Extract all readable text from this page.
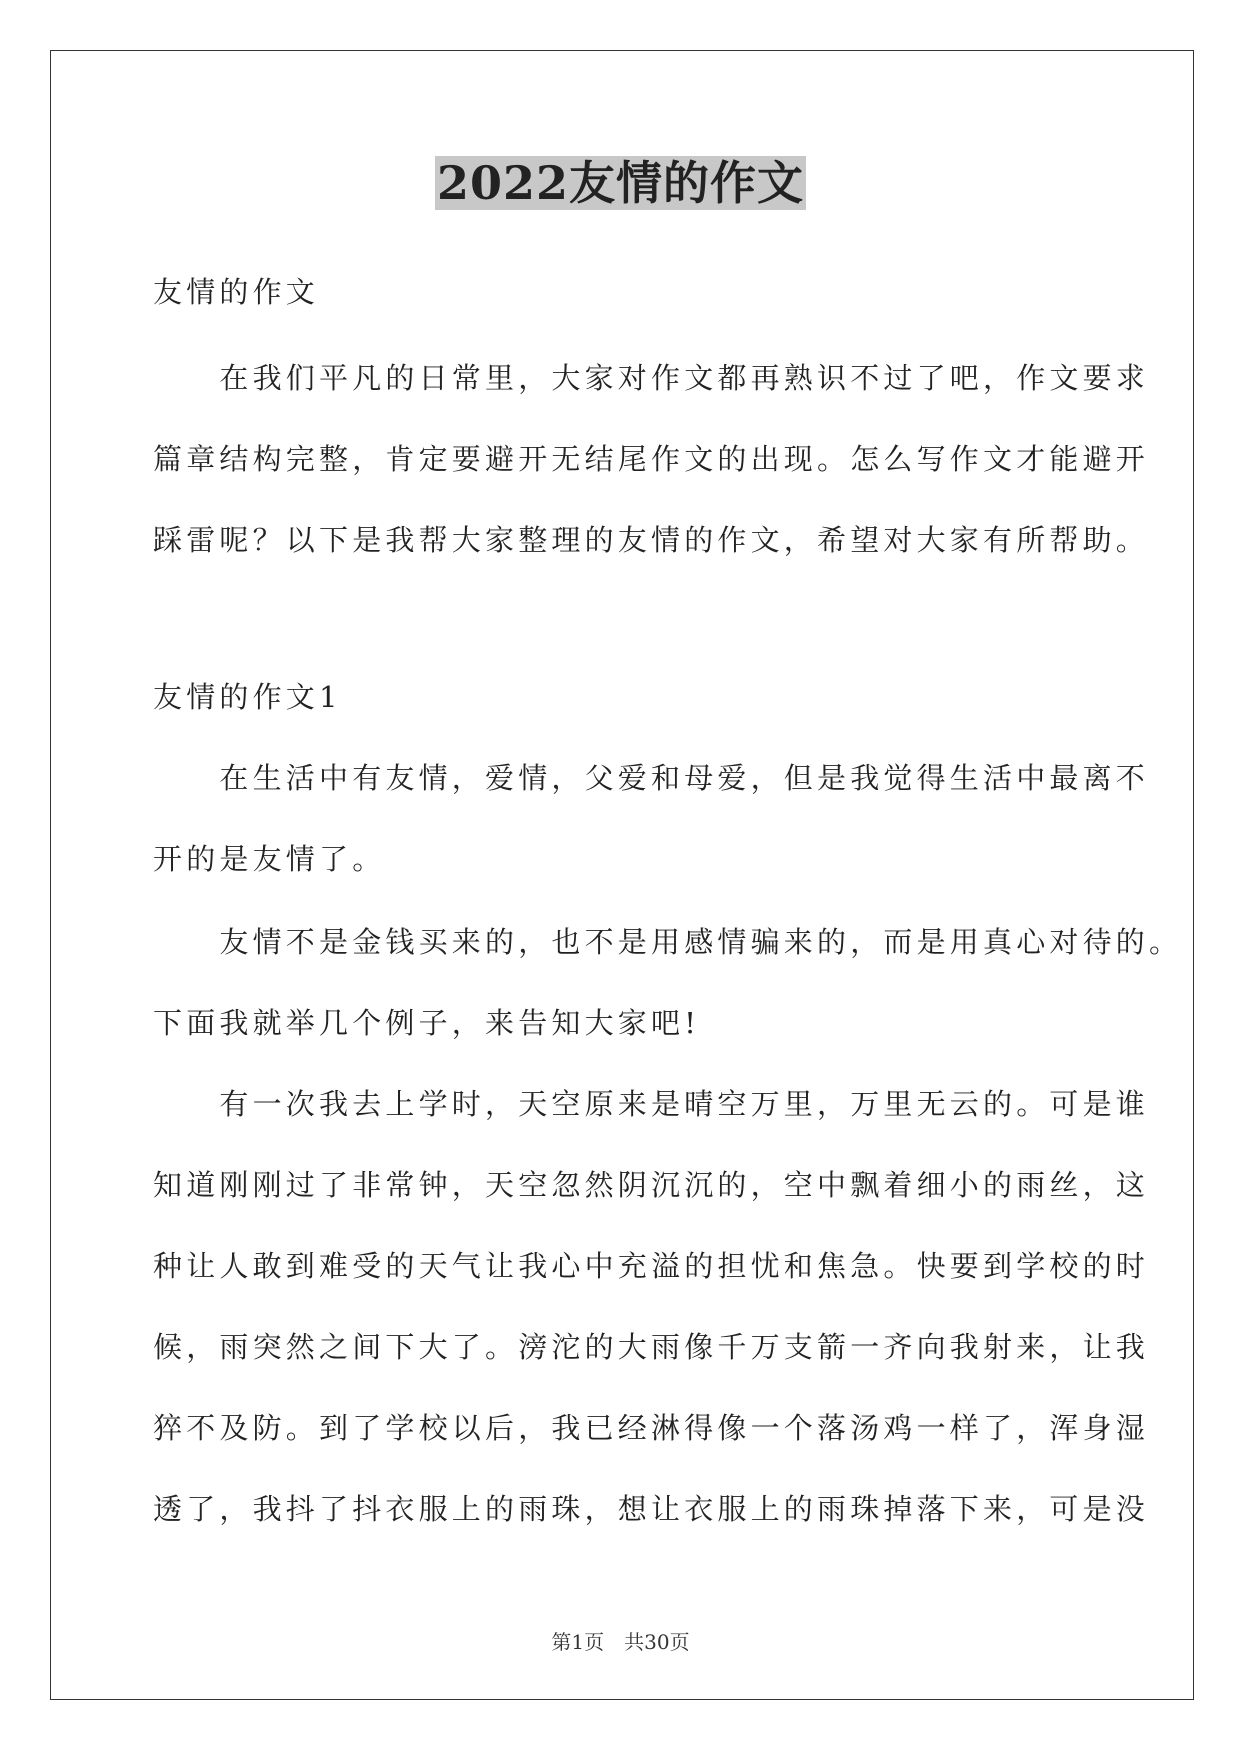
2022友情的作文
友情的作文
　　在我们平凡的日常里，大家对作文都再熟识不过了吧，作文要求
篇章结构完整，肯定要避开无结尾作文的出现。怎么写作文才能避开
踩雷呢？以下是我帮大家整理的友情的作文，希望对大家有所帮助。
友情的作文1
　　在生活中有友情，爱情，父爱和母爱，但是我觉得生活中最离不
开的是友情了。
　　友情不是金钱买来的，也不是用感情骗来的，而是用真心对待的。
下面我就举几个例子，来告知大家吧!
　　有一次我去上学时，天空原来是晴空万里，万里无云的。可是谁
知道刚刚过了非常钟，天空忽然阴沉沉的，空中飘着细小的雨丝，这
种让人敢到难受的天气让我心中充溢的担忧和焦急。快要到学校的时
候，雨突然之间下大了。滂沱的大雨像千万支箭一齐向我射来，让我
猝不及防。到了学校以后，我已经淋得像一个落汤鸡一样了，浑身湿
透了，我抖了抖衣服上的雨珠，想让衣服上的雨珠掉落下来，可是没
第1页　共30页
